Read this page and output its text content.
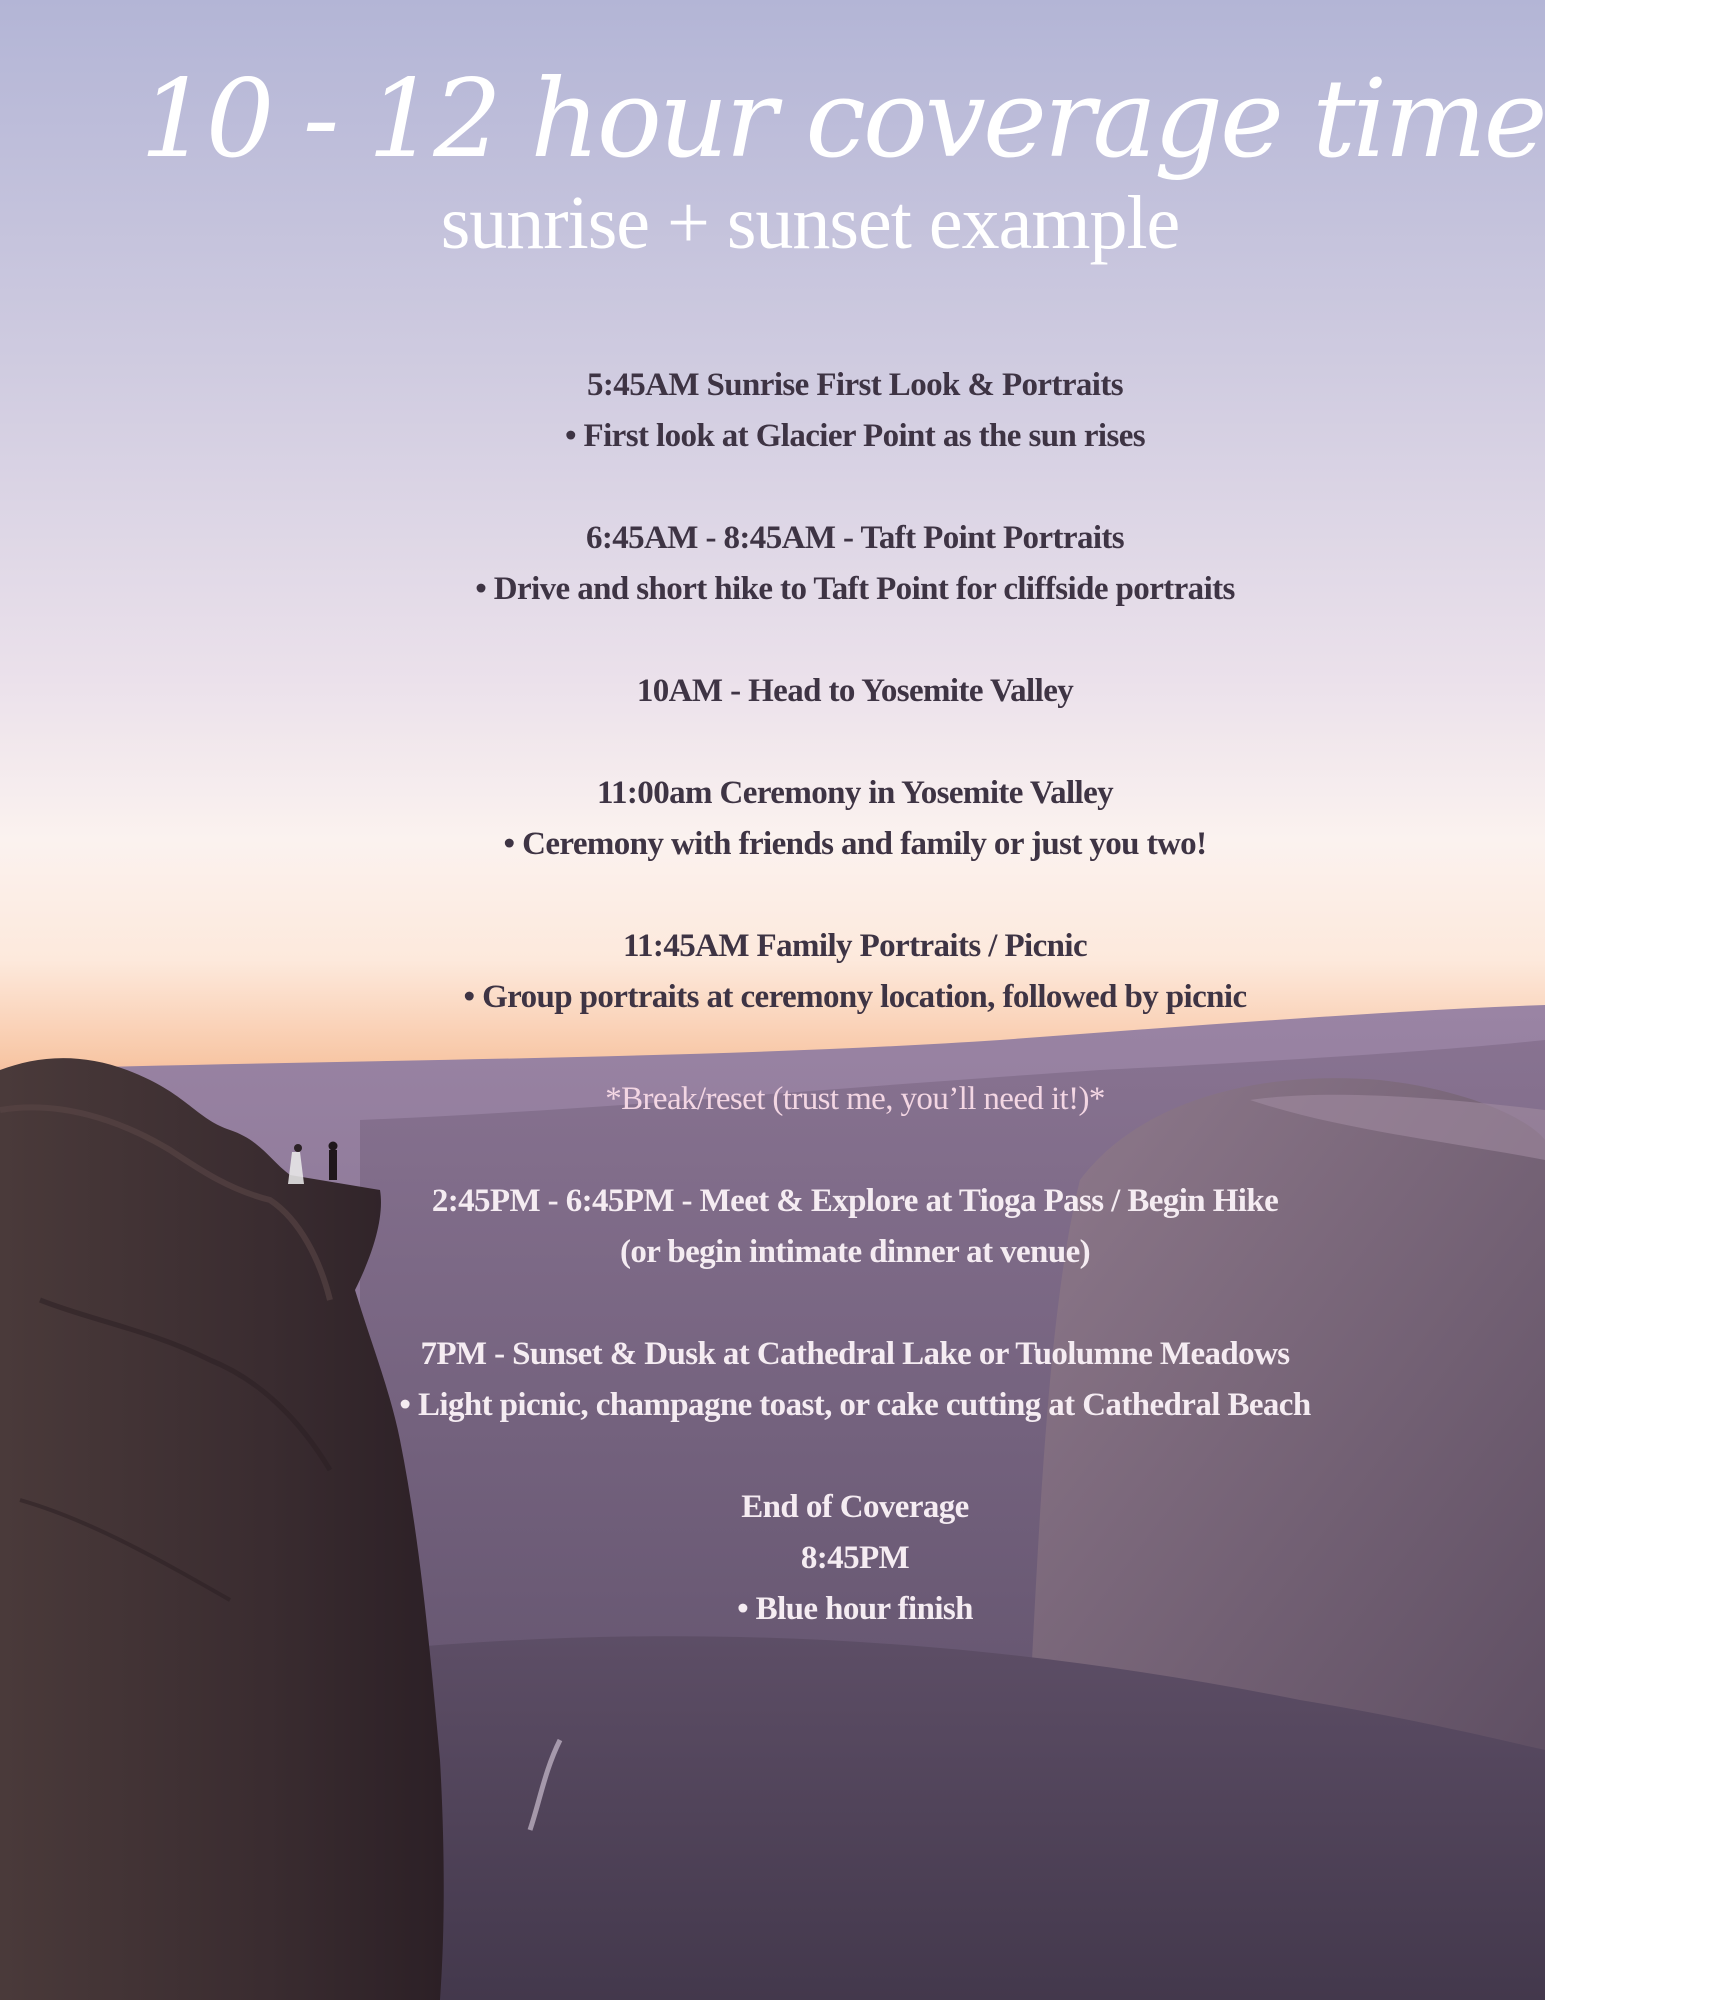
10 - 12 hour coverage timeline
sunrise + sunset example
5:45AM Sunrise First Look & Portraits
• First look at Glacier Point as the sun rises
6:45AM - 8:45AM - Taft Point Portraits
• Drive and short hike to Taft Point for cliffside portraits
10AM - Head to Yosemite Valley
11:00am Ceremony in Yosemite Valley
• Ceremony with friends and family or just you two!
11:45AM Family Portraits / Picnic
• Group portraits at ceremony location, followed by picnic
*Break/reset (trust me, you’ll need it!)*
2:45PM - 6:45PM - Meet & Explore at Tioga Pass / Begin Hike
(or begin intimate dinner at venue)
7PM - Sunset & Dusk at Cathedral Lake or Tuolumne Meadows
• Light picnic, champagne toast, or cake cutting at Cathedral Beach
End of Coverage
8:45PM
• Blue hour finish
